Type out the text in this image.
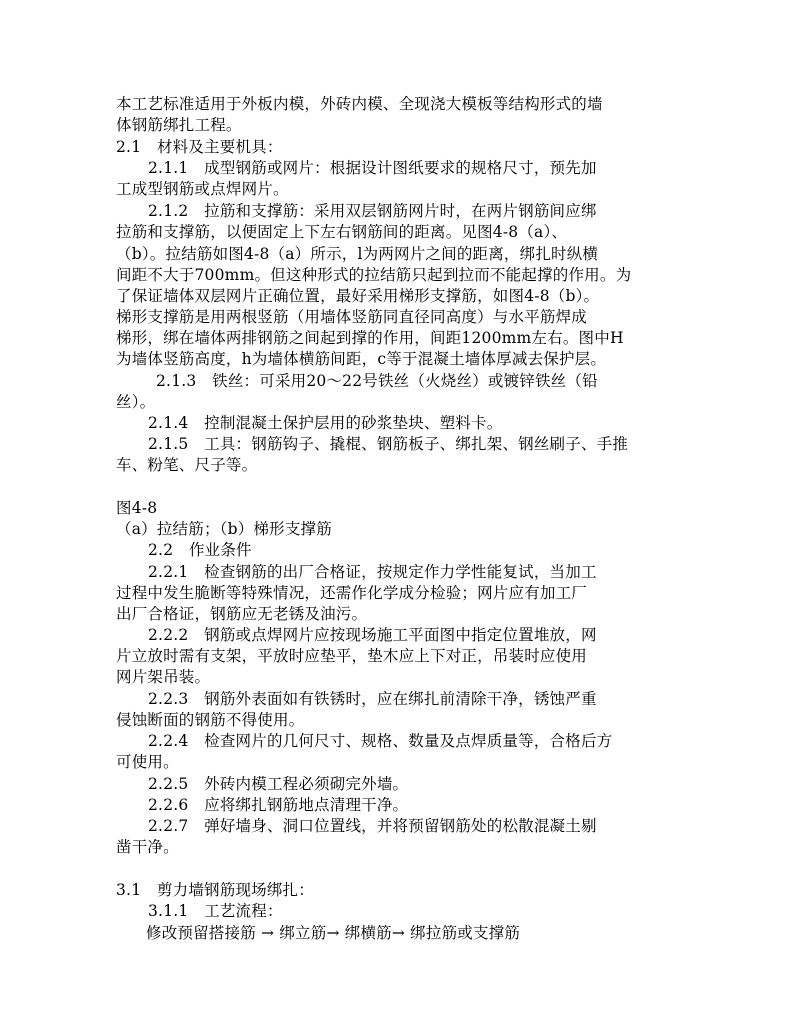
本工艺标准适用于外板内模，外砖内模、全现浇大模板等结构形式的墙
体钢筋绑扎工程。
2.1　材料及主要机具：
2.1.1　成型钢筋或网片：根据设计图纸要求的规格尺寸，预先加
工成型钢筋或点焊网片。
2.1.2　拉筋和支撑筋：采用双层钢筋网片时，在两片钢筋间应绑
拉筋和支撑筋，以便固定上下左右钢筋间的距离。见图4-8（a）、
（b）。拉结筋如图4-8（a）所示，l为两网片之间的距离，绑扎时纵横
间距不大于700mm。但这种形式的拉结筋只起到拉而不能起撑的作用。为
了保证墙体双层网片正确位置，最好采用梯形支撑筋，如图4-8（b）。
梯形支撑筋是用两根竖筋（用墙体竖筋同直径同高度）与水平筋焊成
梯形，绑在墙体两排钢筋之间起到撑的作用，间距1200mm左右。图中H
为墙体竖筋高度，h为墙体横筋间距，c等于混凝土墙体厚减去保护层。
2.1.3　铁丝：可采用20～22号铁丝（火烧丝）或镀锌铁丝（铅
丝）。
2.1.4　控制混凝土保护层用的砂浆垫块、塑料卡。
2.1.5　工具：钢筋钩子、撬棍、钢筋板子、绑扎架、钢丝刷子、手推
车、粉笔、尺子等。
图4-8
（a）拉结筋；（b）梯形支撑筋
2.2　作业条件
2.2.1　检查钢筋的出厂合格证，按规定作力学性能复试，当加工
过程中发生脆断等特殊情况，还需作化学成分检验；网片应有加工厂
出厂合格证，钢筋应无老锈及油污。
2.2.2　钢筋或点焊网片应按现场施工平面图中指定位置堆放，网
片立放时需有支架，平放时应垫平，垫木应上下对正，吊装时应使用
网片架吊装。
2.2.3　钢筋外表面如有铁锈时，应在绑扎前清除干净，锈蚀严重
侵蚀断面的钢筋不得使用。
2.2.4　检查网片的几何尺寸、规格、数量及点焊质量等，合格后方
可使用。
2.2.5　外砖内模工程必须砌完外墙。
2.2.6　应将绑扎钢筋地点清理干净。
2.2.7　弹好墙身、洞口位置线，并将预留钢筋处的松散混凝土剔
凿干净。
3.1　剪力墙钢筋现场绑扎：
3.1.1　工艺流程：
修改预留搭接筋 → 绑立筋→ 绑横筋→ 绑拉筋或支撑筋
